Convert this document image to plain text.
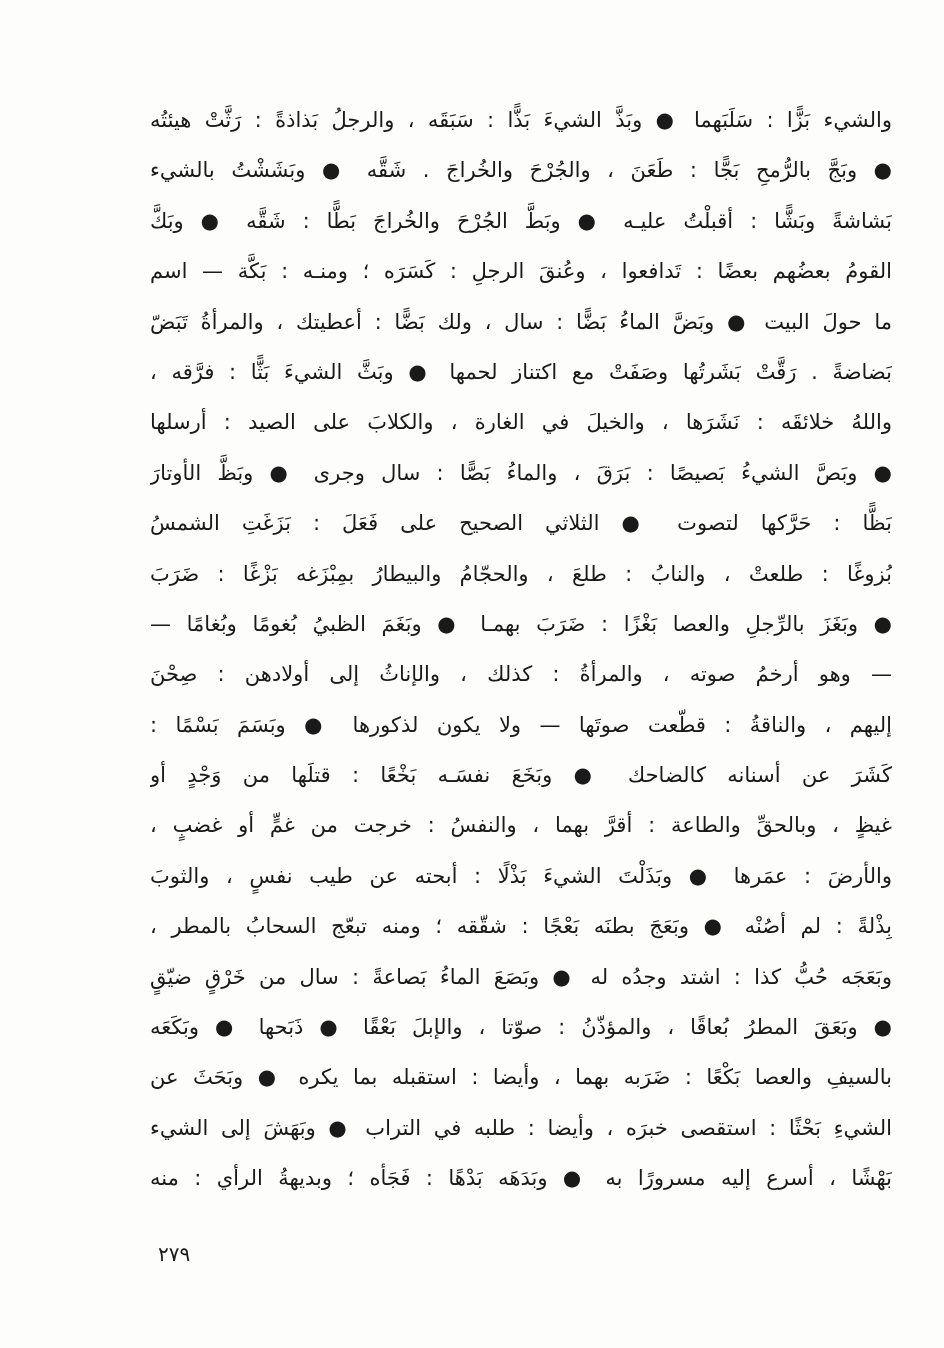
والشيء بَزًّا : سَلَبَهما ● وبَذَّ الشيءَ بَذًّا : سَبَقَه ، والرجلُ بَذاذةً : رَثَّتْ هيئتُه
● وبَجَّ بالرُّمحِ بَجًّا : طَعَنَ ، والجُرْحَ والخُراجَ . شَقَّه ● وبَشَشْتُ بالشيء
بَشاشةً وبَشًّا : أقبلْتُ عليـه ● وبَطَّ الجُرْحَ والخُراجَ بَطًّا : شَقَّه ● وبَكَّ
القومُ بعضُهم بعضًا : تَدافعوا ، وعُنقَ الرجلِ : كَسَرَه ؛ ومنـه : بَكَّة — اسم
ما حولَ البيت ● وبَضَّ الماءُ بَضًّا : سال ، ولك بَضًّا : أعطيتك ، والمرأةُ تَبَضّ
بَضاضةً . رَقَّتْ بَشَرتُها وصَفَتْ مع اكتناز لحمها ● وبَثَّ الشيءَ بَثًّا : فرَّقه ،
واللهُ خلائقَه : نَشَرَها ، والخيلَ في الغارة ، والكلابَ على الصيد : أرسلها
● وبَصَّ الشيءُ بَصيصًا : بَرَقَ ، والماءُ بَصًّا : سال وجرى ● وبَظَّ الأوتارَ
بَظًّا : حَرَّكها لتصوت ● الثلاثي الصحيح على فَعَلَ : بَزَغَتِ الشمسُ
بُزوغًا : طلعتْ ، والنابُ : طلعَ ، والحجّامُ والبيطارُ بمِبْزَغه بَزْغًا : ضَرَبَ
● وبَغَزَ بالرِّجلِ والعصا بَغْزًا : ضَرَبَ بهمـا ● وبَغَمَ الظبيُ بُغومًا وبُغامًا —
— وهو أرخمُ صوته ، والمرأةُ : كذلك ، والإناثُ إلى أولادهن : صِحْنَ
إليهم ، والناقةُ : قطّعت صوتَها — ولا يكون لذكورها ● وبَسَمَ بَسْمًا :
كَشَرَ عن أسنانه كالضاحك ● وبَخَعَ نفسَـه بَخْعًا : قتلَها من وَجْدٍ أو
غيظٍ ، وبالحقِّ والطاعة : أقرَّ بهما ، والنفسُ : خرجت من غمٍّ أو غضبٍ ،
والأرضَ : عمَرها ● وبَذَلْتَ الشيءَ بَذْلًا : أبحته عن طيب نفسٍ ، والثوبَ
بِذْلةً : لم أصُنْه ● وبَعَجَ بطنَه بَعْجًا : شقّقه ؛ ومنه تبعّج السحابُ بالمطر ،
وبَعَجَه حُبُّ كذا : اشتد وجدُه له ● وبَصَعَ الماءُ بَصاعةً : سال من خَرْقٍ ضيّقٍ
● وبَعَقَ المطرُ بُعاقًا ، والمؤذّنُ : صوّتا ، والإبلَ بَعْقًا ● ذَبَحها ● وبَكَعَه
بالسيفِ والعصا بَكْعًا : ضَرَبه بهما ، وأيضا : استقبله بما يكره ● وبَحَثَ عن
الشيءِ بَحْثًا : استقصى خبرَه ، وأيضا : طلبه في التراب ● وبَهَشَ إلى الشيء
بَهْشًا ، أسرع إليه مسرورًا به ● وبَدَهَه بَدْهًا : فَجَأه ؛ وبديهةُ الرأي : منه
٢٧٩
